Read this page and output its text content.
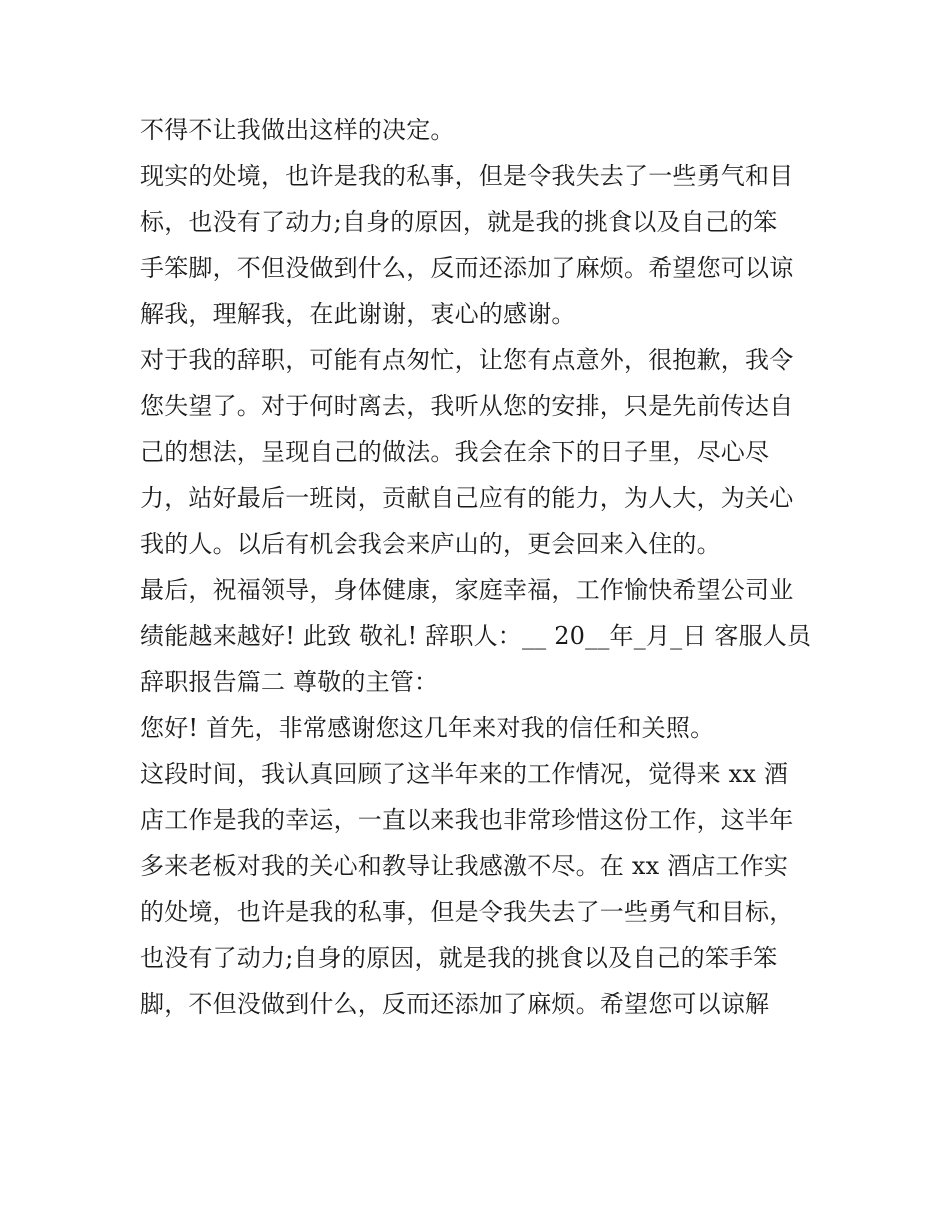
不得不让我做出这样的决定。
现实的处境，也许是我的私事，但是令我失去了一些勇气和目
标，也没有了动力;自身的原因，就是我的挑食以及自己的笨
手笨脚，不但没做到什么，反而还添加了麻烦。希望您可以谅
解我，理解我，在此谢谢，衷心的感谢。
对于我的辞职，可能有点匆忙，让您有点意外，很抱歉，我令
您失望了。对于何时离去，我听从您的安排，只是先前传达自
己的想法，呈现自己的做法。我会在余下的日子里，尽心尽
力，站好最后一班岗，贡献自己应有的能力，为人大，为关心
我的人。以后有机会我会来庐山的，更会回来入住的。
最后，祝福领导，身体健康，家庭幸福，工作愉快希望公司业
绩能越来越好! 此致 敬礼! 辞职人：__ 20__年_月_日 客服人员
辞职报告篇二 尊敬的主管：
您好! 首先，非常感谢您这几年来对我的信任和关照。
这段时间，我认真回顾了这半年来的工作情况，觉得来 xx 酒
店工作是我的幸运，一直以来我也非常珍惜这份工作，这半年
多来老板对我的关心和教导让我感激不尽。在 xx 酒店工作实
的处境，也许是我的私事，但是令我失去了一些勇气和目标，
也没有了动力;自身的原因，就是我的挑食以及自己的笨手笨
脚，不但没做到什么，反而还添加了麻烦。希望您可以谅解
